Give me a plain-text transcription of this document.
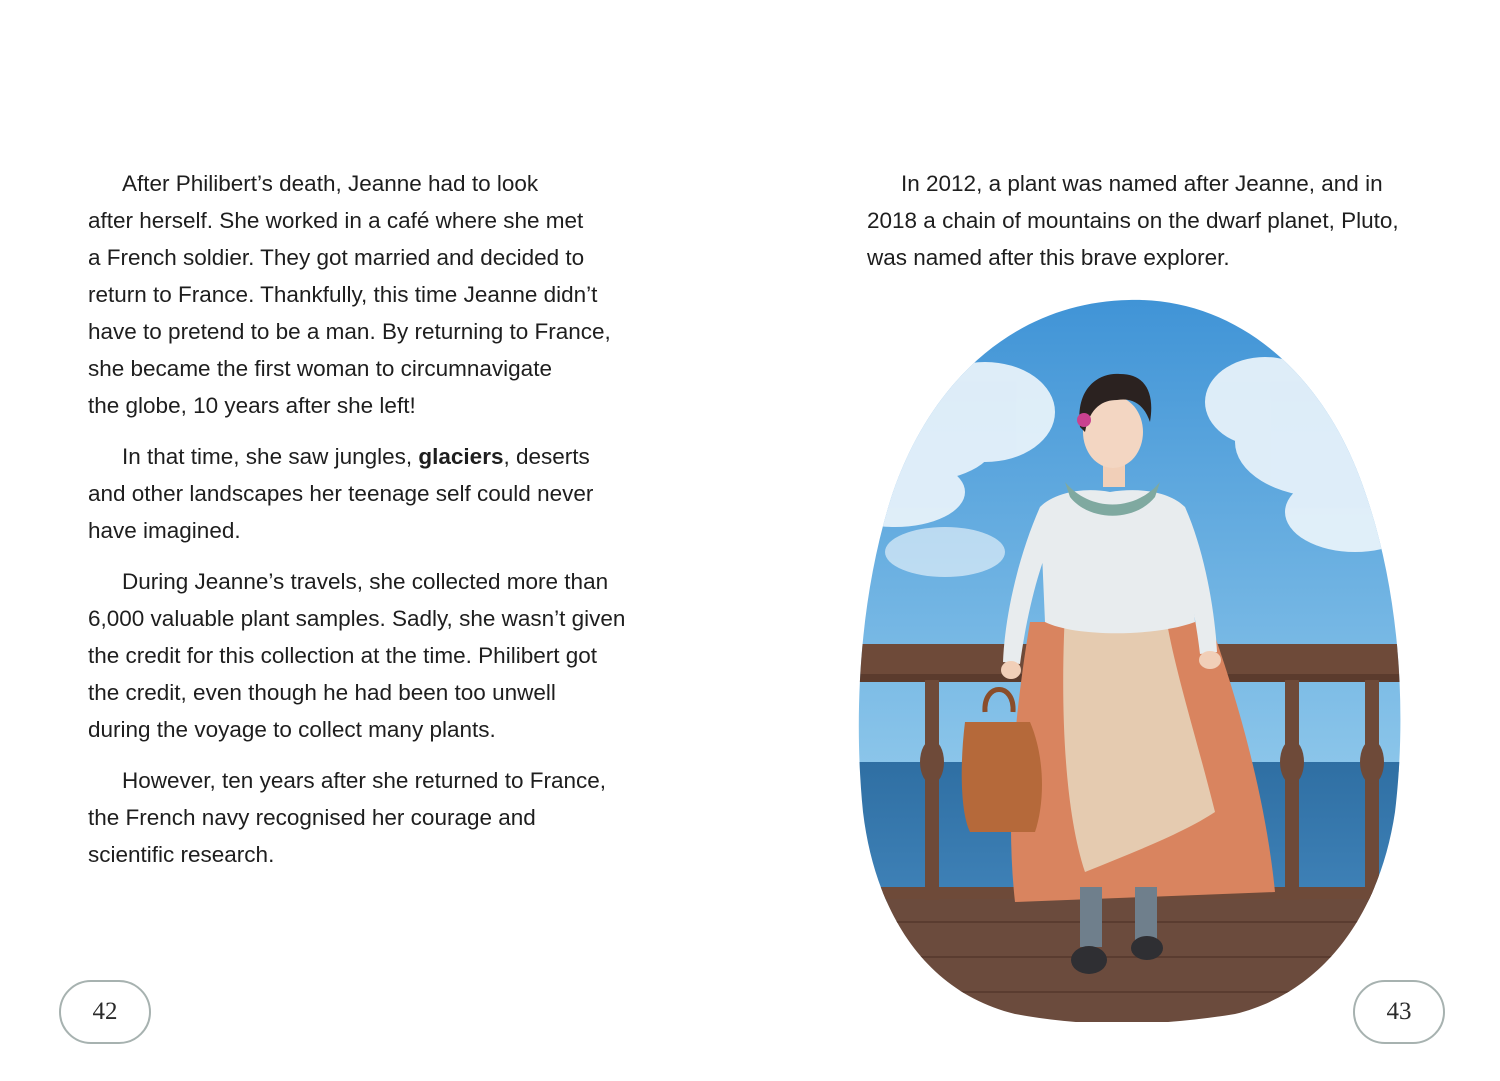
After Philibert’s death, Jeanne had to look
after herself. She worked in a café where she met
a French soldier. They got married and decided to
return to France. Thankfully, this time Jeanne didn’t
have to pretend to be a man. By returning to France,
she became the first woman to circumnavigate
the globe, 10 years after she left!

In that time, she saw jungles, glaciers, deserts
and other landscapes her teenage self could never
have imagined.

During Jeanne’s travels, she collected more than
6,000 valuable plant samples. Sadly, she wasn’t given
the credit for this collection at the time. Philibert got
the credit, even though he had been too unwell
during the voyage to collect many plants.

However, ten years after she returned to France,
the French navy recognised her courage and
scientific research.

42

In 2012, a plant was named after Jeanne, and in
2018 a chain of mountains on the dwarf planet, Pluto,
was named after this brave explorer.

43
